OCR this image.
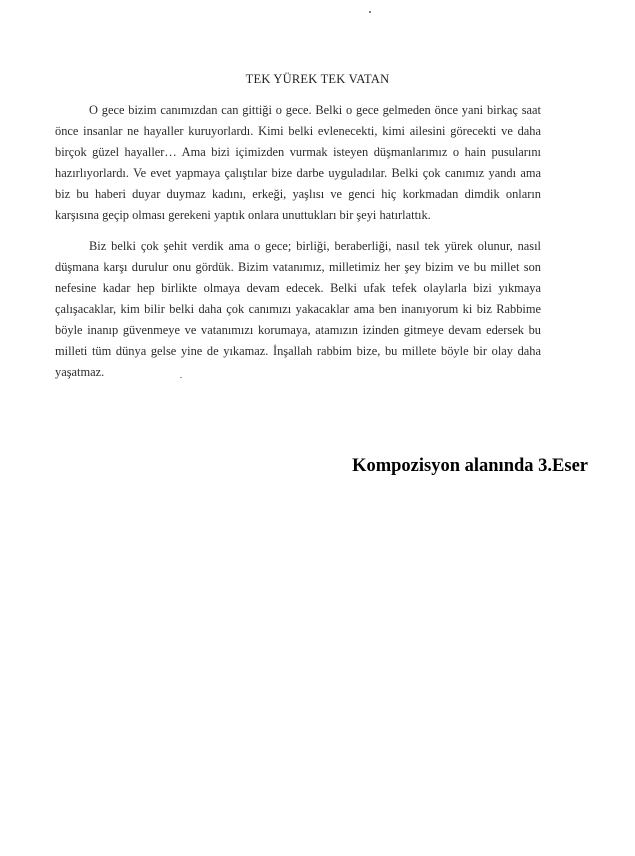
TEK YÜREK TEK VATAN

O gece bizim canımızdan can gittiği o gece. Belki o gece gelmeden önce yani birkaç saat önce insanlar ne hayaller kuruyorlardı. Kimi belki evlenecekti, kimi ailesini görecekti ve daha birçok güzel hayaller… Ama bizi içimizden vurmak isteyen düşmanlarımız o hain pusularını hazırlıyorlardı. Ve evet yapmaya çalıştılar bize darbe uyguladılar. Belki çok canımız yandı ama biz bu haberi duyar duymaz kadını, erkeği, yaşlısı ve genci hiç korkmadan dimdik onların karşısına geçip olması gerekeni yaptık onlara unuttukları bir şeyi hatırlattık.

Biz belki çok şehit verdik ama o gece; birliği, beraberliği, nasıl tek yürek olunur, nasıl düşmana karşı durulur onu gördük. Bizim vatanımız, milletimiz her şey bizim ve bu millet son nefesine kadar hep birlikte olmaya devam edecek. Belki ufak tefek olaylarla bizi yıkmaya çalışacaklar, kim bilir belki daha çok canımızı yakacaklar ama ben inanıyorum ki biz Rabbime böyle inanıp güvenmeye ve vatanımızı korumaya, atamızın izinden gitmeye devam edersek bu milleti tüm dünya gelse yine de yıkamaz. İnşallah rabbim bize, bu millete böyle bir olay daha yaşatmaz.

Kompozisyon alanında 3.Eser
